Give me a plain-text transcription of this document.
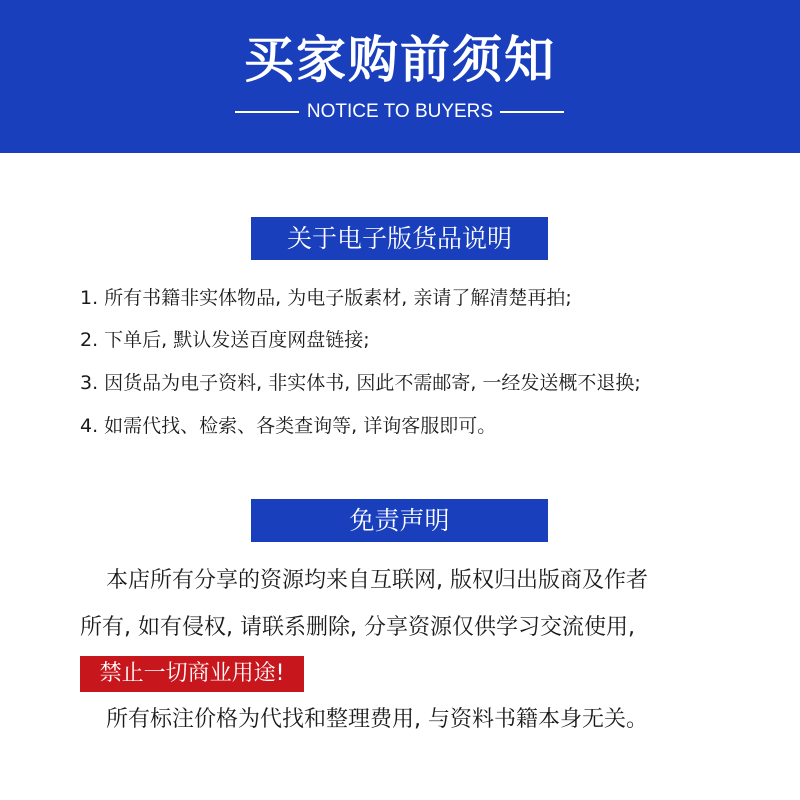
买家购前须知
NOTICE TO BUYERS
关于电子版货品说明
1. 所有书籍非实体物品, 为电子版素材, 亲请了解清楚再拍;
2. 下单后, 默认发送百度网盘链接;
3. 因货品为电子资料, 非实体书, 因此不需邮寄, 一经发送概不退换;
4. 如需代找、检索、各类查询等, 详询客服即可。
免责声明
本店所有分享的资源均来自互联网, 版权归出版商及作者
所有, 如有侵权, 请联系删除, 分享资源仅供学习交流使用,
禁止一切商业用途!
所有标注价格为代找和整理费用, 与资料书籍本身无关。
